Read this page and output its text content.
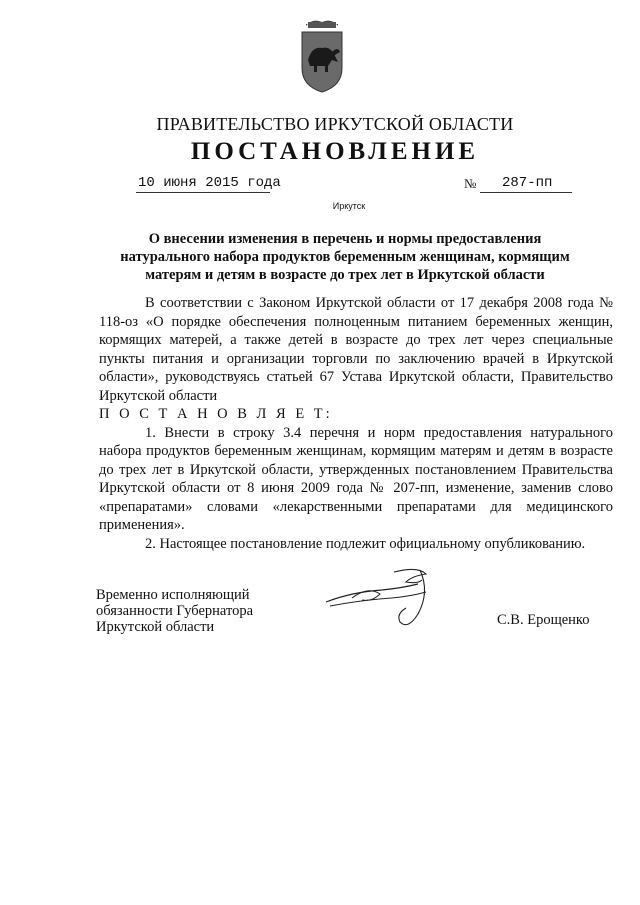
ПРАВИТЕЛЬСТВО ИРКУТСКОЙ ОБЛАСТИ
ПОСТАНОВЛЕНИЕ
10 июня 2015 года	№ 287-пп
Иркутск
О внесении изменения в перечень и нормы предоставления натурального набора продуктов беременным женщинам, кормящим матерям и детям в возрасте до трех лет в Иркутской области

В соответствии с Законом Иркутской области от 17 декабря 2008 года № 118-оз «О порядке обеспечения полноценным питанием беременных женщин, кормящих матерей, а также детей в возрасте до трех лет через специальные пункты питания и организации торговли по заключению врачей в Иркутской области», руководствуясь статьей 67 Устава Иркутской области, Правительство Иркутской области

П О С Т А Н О В Л Я Е Т:

1. Внести в строку 3.4 перечня и норм предоставления натурального набора продуктов беременным женщинам, кормящим матерям и детям в возрасте до трех лет в Иркутской области, утвержденных постановлением Правительства Иркутской области от 8 июня 2009 года № 207-пп, изменение, заменив слово «препаратами» словами «лекарственными препаратами для медицинского применения».

2. Настоящее постановление подлежит официальному опубликованию.

Временно исполняющий
обязанности Губернатора
Иркутской области	С.В. Ерощенко
